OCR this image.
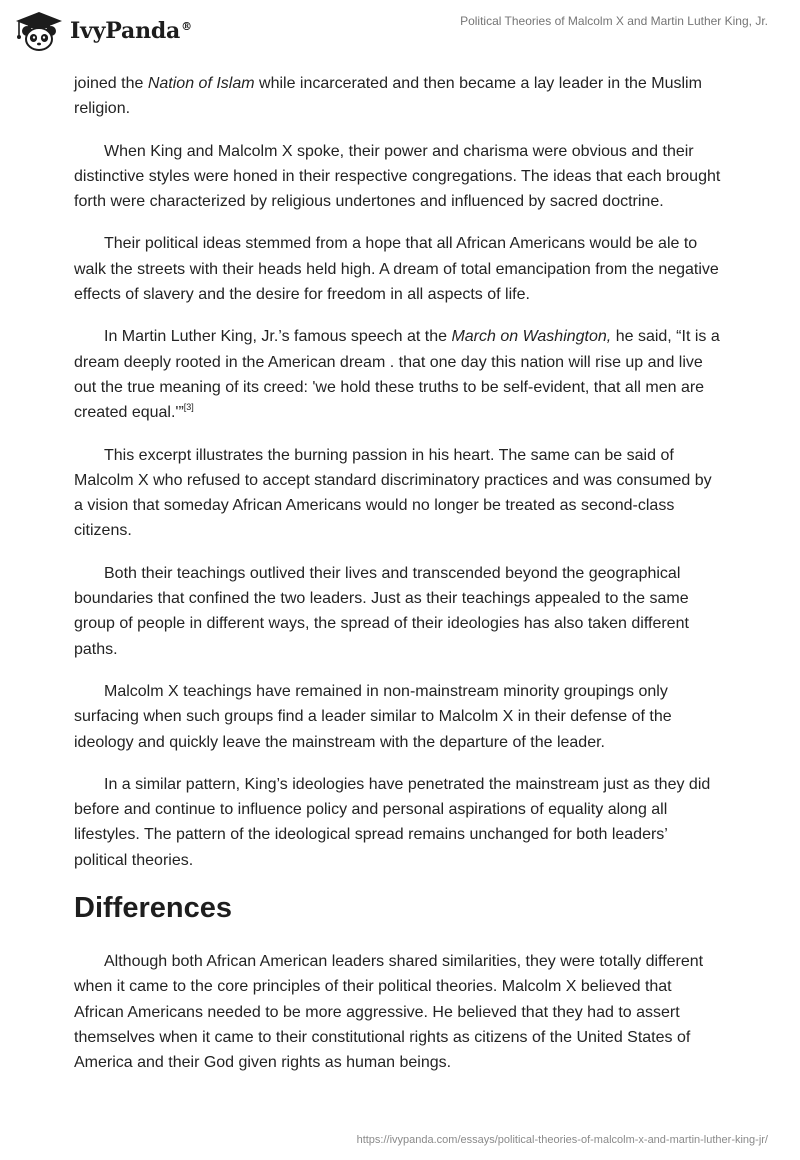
IvyPanda®	Political Theories of Malcolm X and Martin Luther King, Jr.

joined the Nation of Islam while incarcerated and then became a lay leader in the Muslim religion.

When King and Malcolm X spoke, their power and charisma were obvious and their distinctive styles were honed in their respective congregations. The ideas that each brought forth were characterized by religious undertones and influenced by sacred doctrine.

Their political ideas stemmed from a hope that all African Americans would be ale to walk the streets with their heads held high. A dream of total emancipation from the negative effects of slavery and the desire for freedom in all aspects of life.

In Martin Luther King, Jr.’s famous speech at the March on Washington, he said, “It is a dream deeply rooted in the American dream . that one day this nation will rise up and live out the true meaning of its creed: 'we hold these truths to be self-evident, that all men are created equal.'”[3]

This excerpt illustrates the burning passion in his heart. The same can be said of Malcolm X who refused to accept standard discriminatory practices and was consumed by a vision that someday African Americans would no longer be treated as second-class citizens.

Both their teachings outlived their lives and transcended beyond the geographical boundaries that confined the two leaders. Just as their teachings appealed to the same group of people in different ways, the spread of their ideologies has also taken different paths.

Malcolm X teachings have remained in non-mainstream minority groupings only surfacing when such groups find a leader similar to Malcolm X in their defense of the ideology and quickly leave the mainstream with the departure of the leader.

In a similar pattern, King’s ideologies have penetrated the mainstream just as they did before and continue to influence policy and personal aspirations of equality along all lifestyles. The pattern of the ideological spread remains unchanged for both leaders’ political theories.

Differences

Although both African American leaders shared similarities, they were totally different when it came to the core principles of their political theories. Malcolm X believed that African Americans needed to be more aggressive. He believed that they had to assert themselves when it came to their constitutional rights as citizens of the United States of America and their God given rights as human beings.

https://ivypanda.com/essays/political-theories-of-malcolm-x-and-martin-luther-king-jr/
